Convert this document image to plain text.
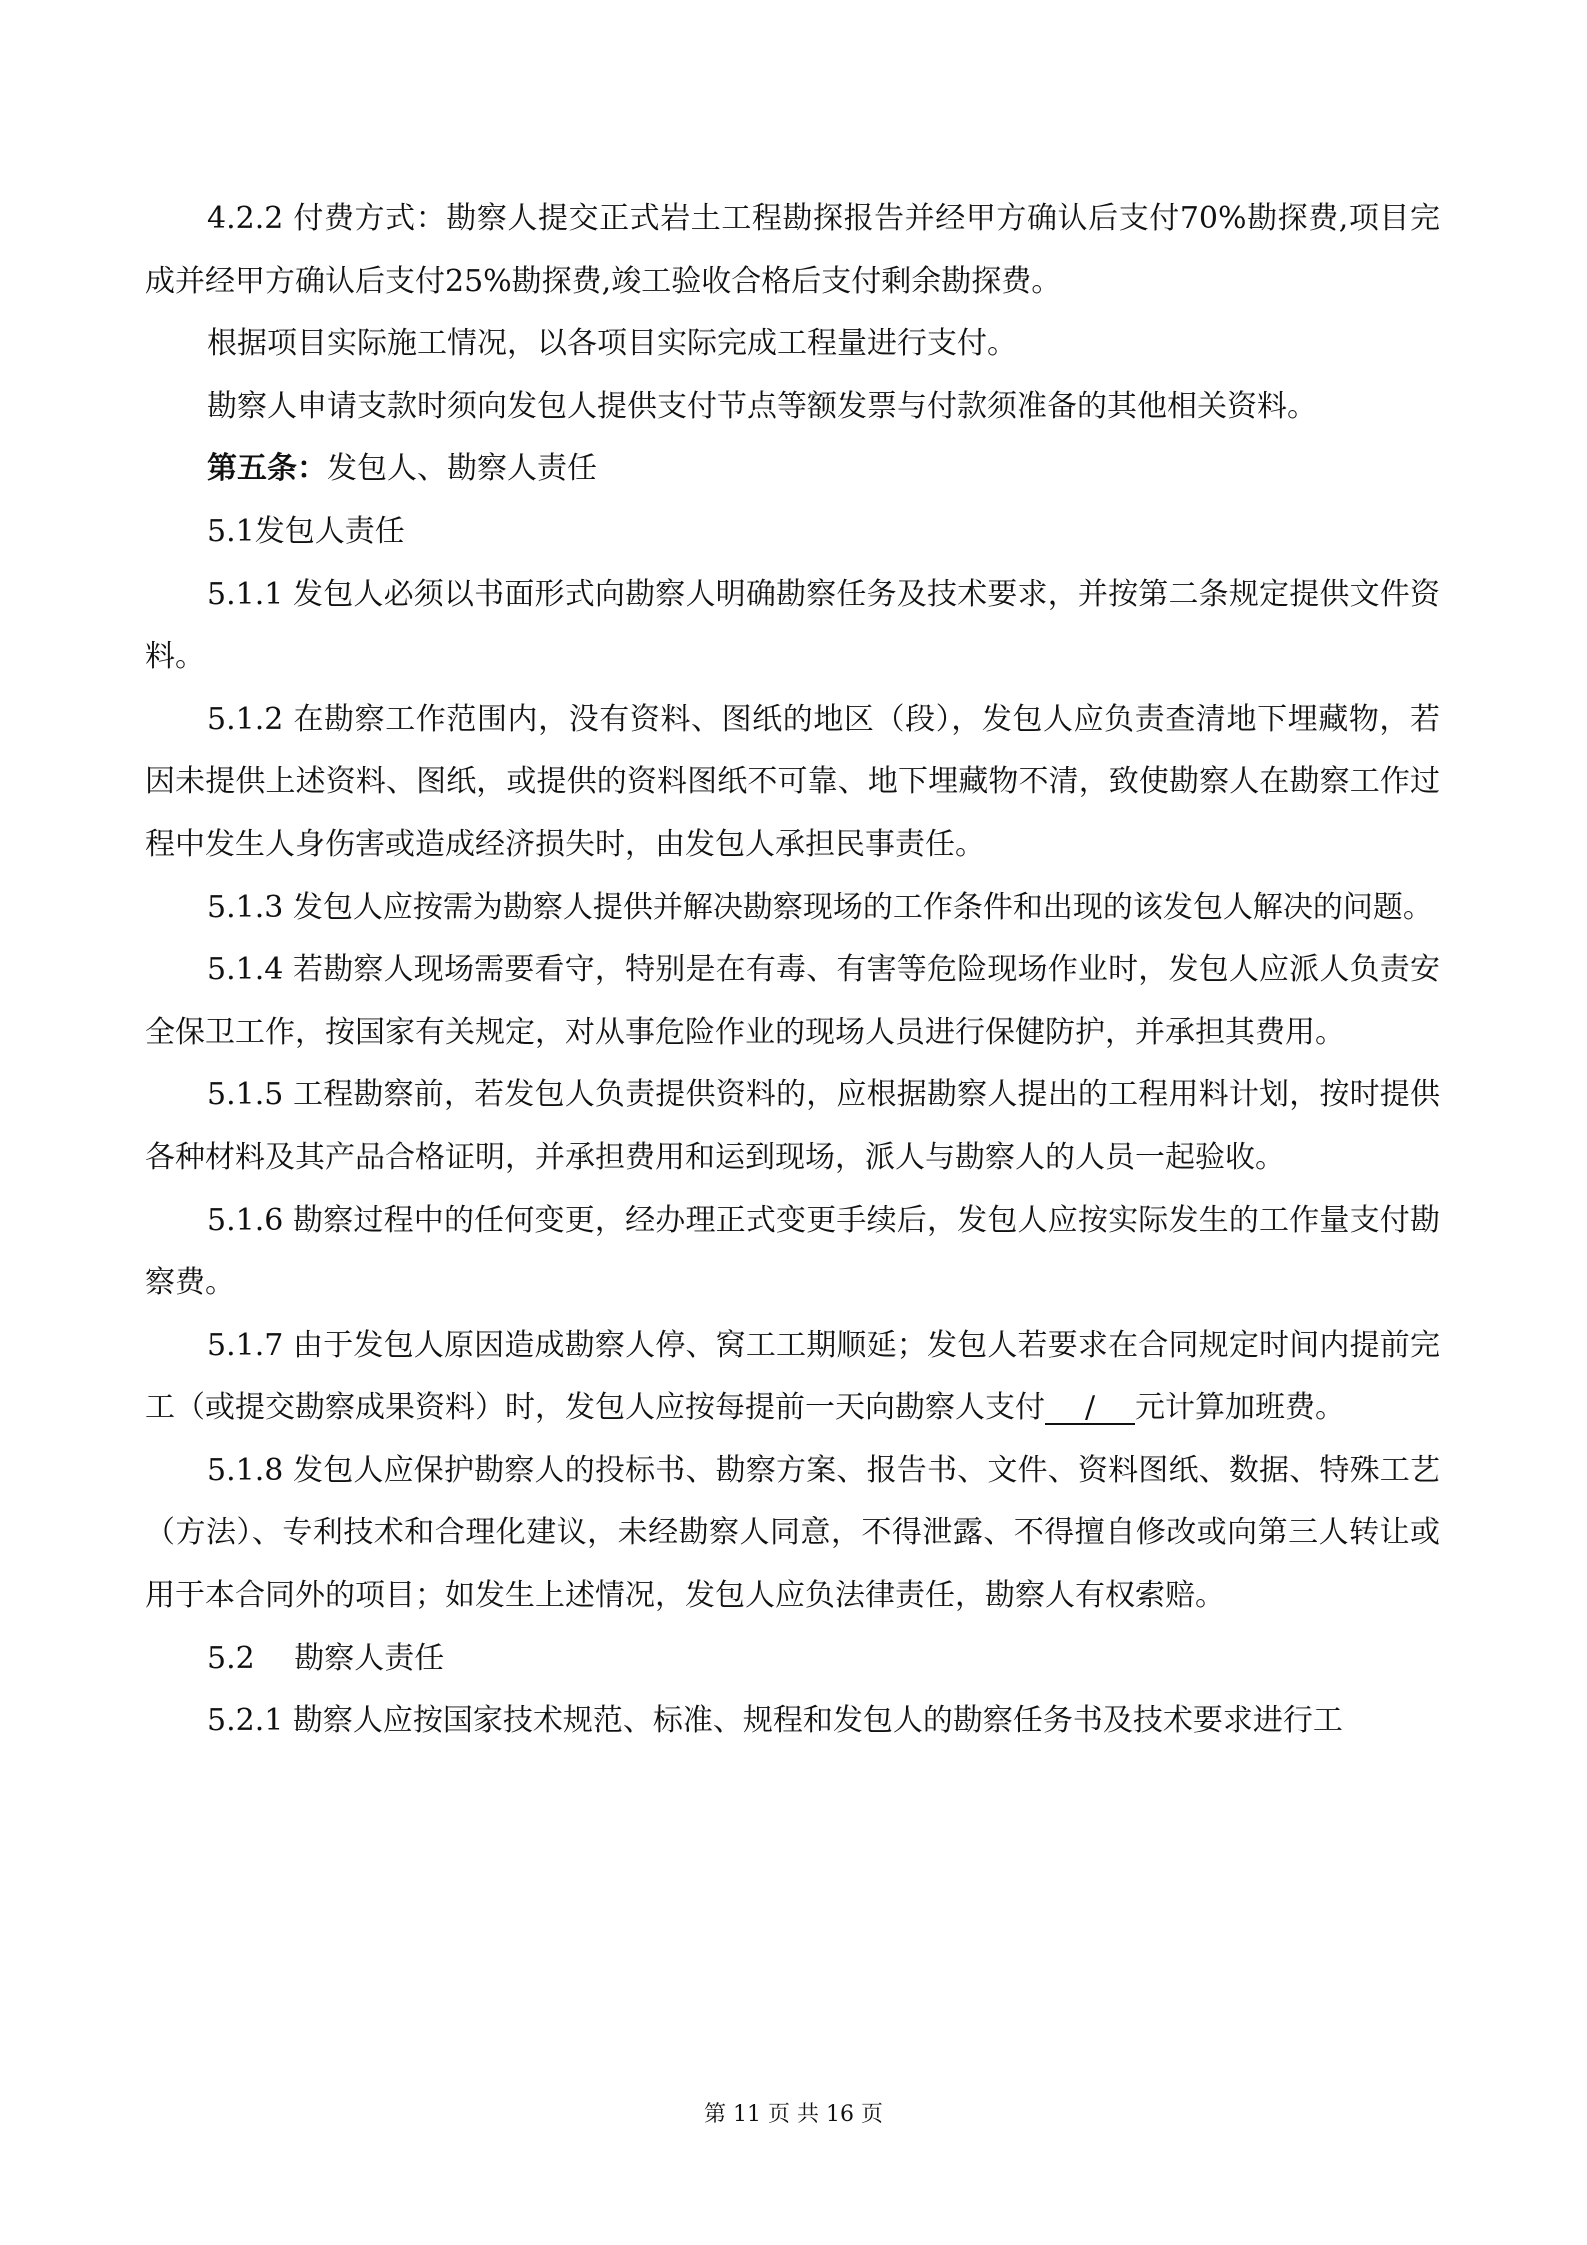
4.2.2 付费方式：勘察人提交正式岩土工程勘探报告并经甲方确认后支付70%勘探费,项目完成并经甲方确认后支付25%勘探费,竣工验收合格后支付剩余勘探费。

根据项目实际施工情况，以各项目实际完成工程量进行支付。

勘察人申请支款时须向发包人提供支付节点等额发票与付款须准备的其他相关资料。

第五条：发包人、勘察人责任

5.1发包人责任

5.1.1 发包人必须以书面形式向勘察人明确勘察任务及技术要求，并按第二条规定提供文件资料。

5.1.2 在勘察工作范围内，没有资料、图纸的地区（段），发包人应负责查清地下埋藏物，若因未提供上述资料、图纸，或提供的资料图纸不可靠、地下埋藏物不清，致使勘察人在勘察工作过程中发生人身伤害或造成经济损失时，由发包人承担民事责任。

5.1.3 发包人应按需为勘察人提供并解决勘察现场的工作条件和出现的该发包人解决的问题。

5.1.4 若勘察人现场需要看守，特别是在有毒、有害等危险现场作业时，发包人应派人负责安全保卫工作，按国家有关规定，对从事危险作业的现场人员进行保健防护，并承担其费用。

5.1.5 工程勘察前，若发包人负责提供资料的，应根据勘察人提出的工程用料计划，按时提供各种材料及其产品合格证明，并承担费用和运到现场，派人与勘察人的人员一起验收。

5.1.6 勘察过程中的任何变更，经办理正式变更手续后，发包人应按实际发生的工作量支付勘察费。

5.1.7 由于发包人原因造成勘察人停、窝工工期顺延；发包人若要求在合同规定时间内提前完工（或提交勘察成果资料）时，发包人应按每提前一天向勘察人支付 / 元计算加班费。

5.1.8 发包人应保护勘察人的投标书、勘察方案、报告书、文件、资料图纸、数据、特殊工艺（方法）、专利技术和合理化建议，未经勘察人同意，不得泄露、不得擅自修改或向第三人转让或用于本合同外的项目；如发生上述情况，发包人应负法律责任，勘察人有权索赔。

5.2　 勘察人责任

5.2.1 勘察人应按国家技术规范、标准、规程和发包人的勘察任务书及技术要求进行工

第 11 页 共 16 页
